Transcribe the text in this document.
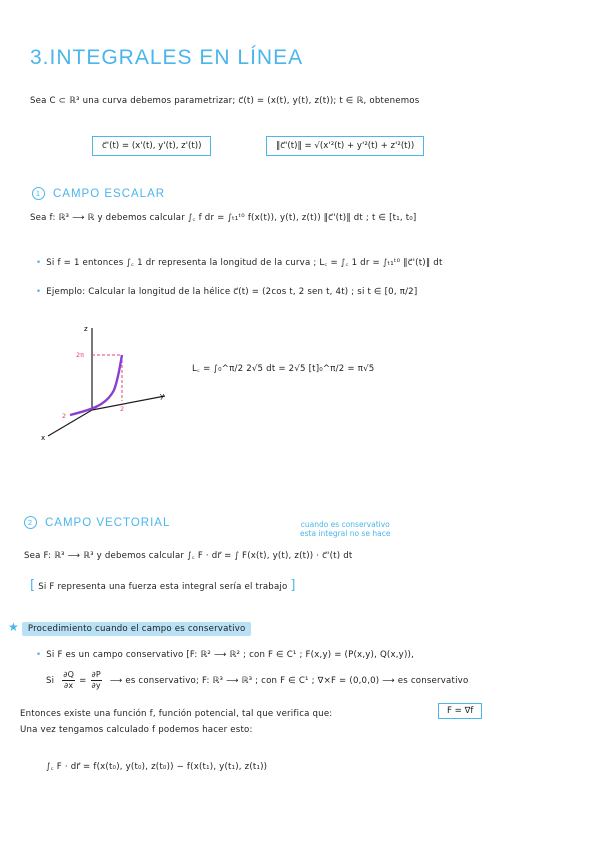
3.INTEGRALES EN LÍNEA
Sea C ⊂ ℝ³ una curva debemos parametrizar; c⃗(t) = (x(t), y(t), z(t)); t ∈ ℝ, obtenemos
c⃗'(t) = (x'(t), y'(t), z'(t))	‖c⃗'(t)‖ = √(x'²(t) + y'²(t) + z'²(t))
1 CAMPO ESCALAR
Sea f: ℝ³ ⟶ ℝ y debemos calcular ∫꜀ f dr = ∫ₜ₁ᵗ⁰ f(x(t)), y(t), z(t)) ‖c⃗'(t)‖ dt ; t ∈ [t₁, t₀]
• Si f = 1 entonces ∫꜀ 1 dr representa la longitud de la curva ; L꜀ = ∫꜀ 1 dr = ∫ₜ₁ᵗ⁰ ‖c⃗'(t)‖ dt
• Ejemplo: Calcular la longitud de la hélice c⃗(t) = (2cos t, 2 sen t, 4t) ; si t ∈ [0, π/2]
z
y
x
2π
2
2
L꜀ = ∫₀^π/2 2√5 dt = 2√5 [t]₀^π/2 = π√5
cuando es conservativo
esta integral no se hace
2 CAMPO VECTORIAL
Sea F: ℝ³ ⟶ ℝ³ y debemos calcular ∫꜀ F · dr⃗ = ∫ F(x(t), y(t), z(t)) · c⃗'(t) dt
[ Si F representa una fuerza esta integral sería el trabajo ]
★ Procedimiento cuando el campo es conservativo
• Si F es un campo conservativo [F: ℝ² ⟶ ℝ² ; con F ∈ C¹ ; F(x,y) = (P(x,y), Q(x,y)),
Si $\frac{\partial Q}{\partial x} = \frac{\partial P}{\partial y}$ ⟶ es conservativo; F: ℝ³ ⟶ ℝ³ ; con F ∈ C¹ ; ∇×F = (0,0,0) ⟶ es conservativo
Entonces existe una función f, función potencial, tal que verifica que:	F = ∇f
Una vez tengamos calculado f podemos hacer esto:
∫꜀ F · dr⃗ = f(x(t₀), y(t₀), z(t₀)) − f(x(t₁), y(t₁), z(t₁))
